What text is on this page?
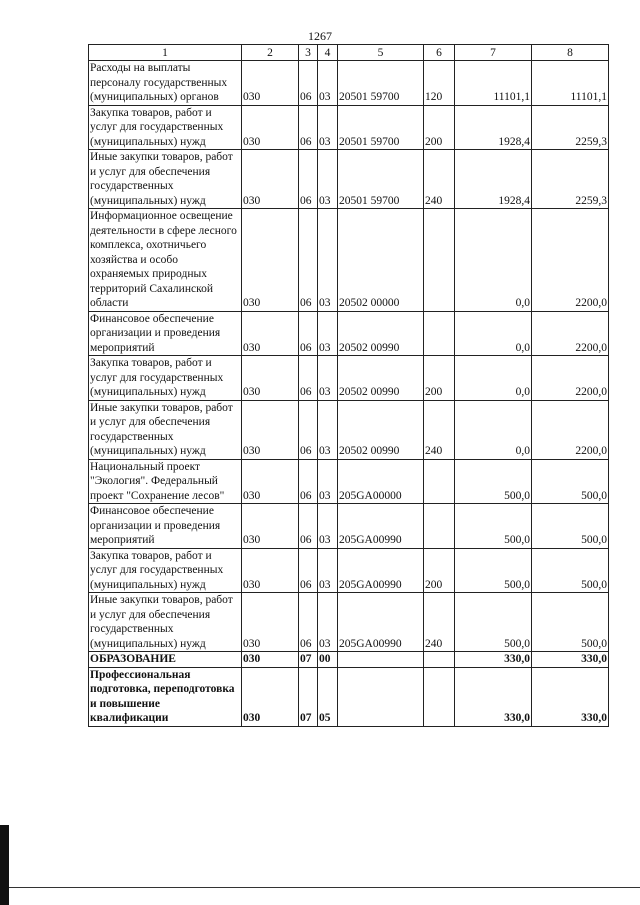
1267
1	2	3	4	5	6	7	8
Расходы на выплаты персоналу государственных (муниципальных) органов	030	06	03	20501 59700	120	11101,1	11101,1
Закупка товаров, работ и услуг для государственных (муниципальных) нужд	030	06	03	20501 59700	200	1928,4	2259,3
Иные закупки товаров, работ и услуг для обеспечения государственных (муниципальных) нужд	030	06	03	20501 59700	240	1928,4	2259,3
Информационное освещение деятельности в сфере лесного комплекса, охотничьего хозяйства и особо охраняемых природных территорий Сахалинской области	030	06	03	20502 00000		0,0	2200,0
Финансовое обеспечение организации и проведения мероприятий	030	06	03	20502 00990		0,0	2200,0
Закупка товаров, работ и услуг для государственных (муниципальных) нужд	030	06	03	20502 00990	200	0,0	2200,0
Иные закупки товаров, работ и услуг для обеспечения государственных (муниципальных) нужд	030	06	03	20502 00990	240	0,0	2200,0
Национальный проект "Экология". Федеральный проект "Сохранение лесов"	030	06	03	205GA00000		500,0	500,0
Финансовое обеспечение организации и проведения мероприятий	030	06	03	205GA00990		500,0	500,0
Закупка товаров, работ и услуг для государственных (муниципальных) нужд	030	06	03	205GA00990	200	500,0	500,0
Иные закупки товаров, работ и услуг для обеспечения государственных (муниципальных) нужд	030	06	03	205GA00990	240	500,0	500,0
ОБРАЗОВАНИЕ	030	07	00			330,0	330,0
Профессиональная подготовка, переподготовка и повышение квалификации	030	07	05			330,0	330,0
